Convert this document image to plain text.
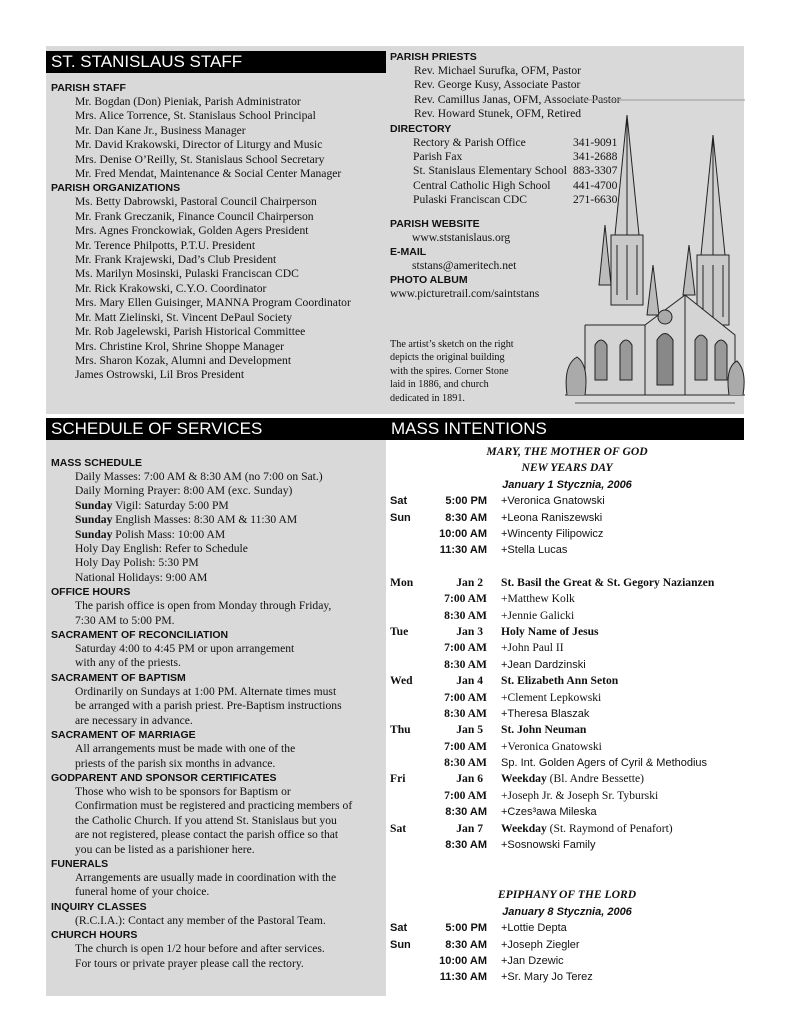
ST. STANISLAUS STAFF
SCHEDULE OF SERVICES	MASS INTENTIONS
PARISH STAFF
Mr. Bogdan (Don) Pieniak, Parish Administrator
Mrs. Alice Torrence, St. Stanislaus School Principal
Mr. Dan Kane Jr., Business Manager
Mr. David Krakowski, Director of Liturgy and Music
Mrs. Denise O’Reilly, St. Stanislaus School Secretary
Mr. Fred Mendat, Maintenance & Social Center Manager
PARISH ORGANIZATIONS
Ms. Betty Dabrowski, Pastoral Council Chairperson
Mr. Frank Greczanik, Finance Council Chairperson
Mrs. Agnes Fronckowiak, Golden Agers President
Mr. Terence Philpotts, P.T.U. President
Mr. Frank Krajewski, Dad’s Club President
Ms. Marilyn Mosinski, Pulaski Franciscan CDC
Mr. Rick Krakowski, C.Y.O. Coordinator
Mrs. Mary Ellen Guisinger, MANNA Program Coordinator
Mr. Matt Zielinski, St. Vincent DePaul Society
Mr. Rob Jagelewski, Parish Historical Committee
Mrs. Christine Krol, Shrine Shoppe Manager
Mrs. Sharon Kozak, Alumni and Development
James Ostrowski, Lil Bros President
PARISH PRIESTS
Rev. Michael Surufka, OFM, Pastor
Rev. George Kusy, Associate Pastor
Rev. Camillus Janas, OFM, Associate Pastor
Rev. Howard Stunek, OFM, Retired
DIRECTORY
Rectory & Parish Office	341-9091
Parish Fax	341-2688
St. Stanislaus Elementary School	883-3307
Central Catholic High School	441-4700
Pulaski Franciscan CDC	271-6630
PARISH WEBSITE
www.ststanislaus.org
E-MAIL
ststans@ameritech.net
PHOTO ALBUM
www.picturetrail.com/saintstans
The artist’s sketch on the right
depicts the original building
with the spires. Corner Stone
laid in 1886, and church
dedicated in 1891.
MASS SCHEDULE
Daily Masses: 7:00 AM & 8:30 AM (no 7:00 on Sat.)
Daily Morning Prayer: 8:00 AM (exc. Sunday)
Sunday Vigil: Saturday 5:00 PM
Sunday English Masses: 8:30 AM & 11:30 AM
Sunday Polish Mass: 10:00 AM
Holy Day English: Refer to Schedule
Holy Day Polish: 5:30 PM
National Holidays: 9:00 AM
OFFICE HOURS
The parish office is open from Monday through Friday,
7:30 AM to 5:00 PM.
SACRAMENT OF RECONCILIATION
Saturday 4:00 to 4:45 PM or upon arrangement
with any of the priests.
SACRAMENT OF BAPTISM
Ordinarily on Sundays at 1:00 PM. Alternate times must
be arranged with a parish priest. Pre-Baptism instructions
are necessary in advance.
SACRAMENT OF MARRIAGE
All arrangements must be made with one of the
priests of the parish six months in advance.
GODPARENT AND SPONSOR CERTIFICATES
Those who wish to be sponsors for Baptism or
Confirmation must be registered and practicing members of
the Catholic Church. If you attend St. Stanislaus but you
are not registered, please contact the parish office so that
you can be listed as a parishioner here.
FUNERALS
Arrangements are usually made in coordination with the
funeral home of your choice.
INQUIRY CLASSES
(R.C.I.A.): Contact any member of the Pastoral Team.
CHURCH HOURS
The church is open 1/2 hour before and after services.
For tours or private prayer please call the rectory.
MARY, THE MOTHER OF GOD
NEW YEARS DAY
January 1 Stycznia, 2006
Sat	5:00 PM +Veronica Gnatowski
Sun	8:30 AM +Leona Raniszewski
10:00 AM +Wincenty Filipowicz
11:30 AM +Stella Lucas
Mon	Jan 2 St. Basil the Great & St. Gegory Nazianzen
7:00 AM +Matthew Kolk
8:30 AM +Jennie Galicki
Tue	Jan 3 Holy Name of Jesus
7:00 AM +John Paul II
8:30 AM +Jean Dardzinski
Wed	Jan 4 St. Elizabeth Ann Seton
7:00 AM +Clement Lepkowski
8:30 AM +Theresa Blaszak
Thu	Jan 5 St. John Neuman
7:00 AM +Veronica Gnatowski
8:30 AM Sp. Int. Golden Agers of Cyril & Methodius
Fri	Jan 6 Weekday (Bl. Andre Bessette)
7:00 AM +Joseph Jr. & Joseph Sr. Tyburski
8:30 AM +Czes³awa Mileska
Sat	Jan 7 Weekday (St. Raymond of Penafort)
8:30 AM +Sosnowski Family
EPIPHANY OF THE LORD
January 8 Stycznia, 2006
Sat	5:00 PM +Lottie Depta
Sun	8:30 AM +Joseph Ziegler
10:00 AM +Jan Dzewic
11:30 AM +Sr. Mary Jo Terez
